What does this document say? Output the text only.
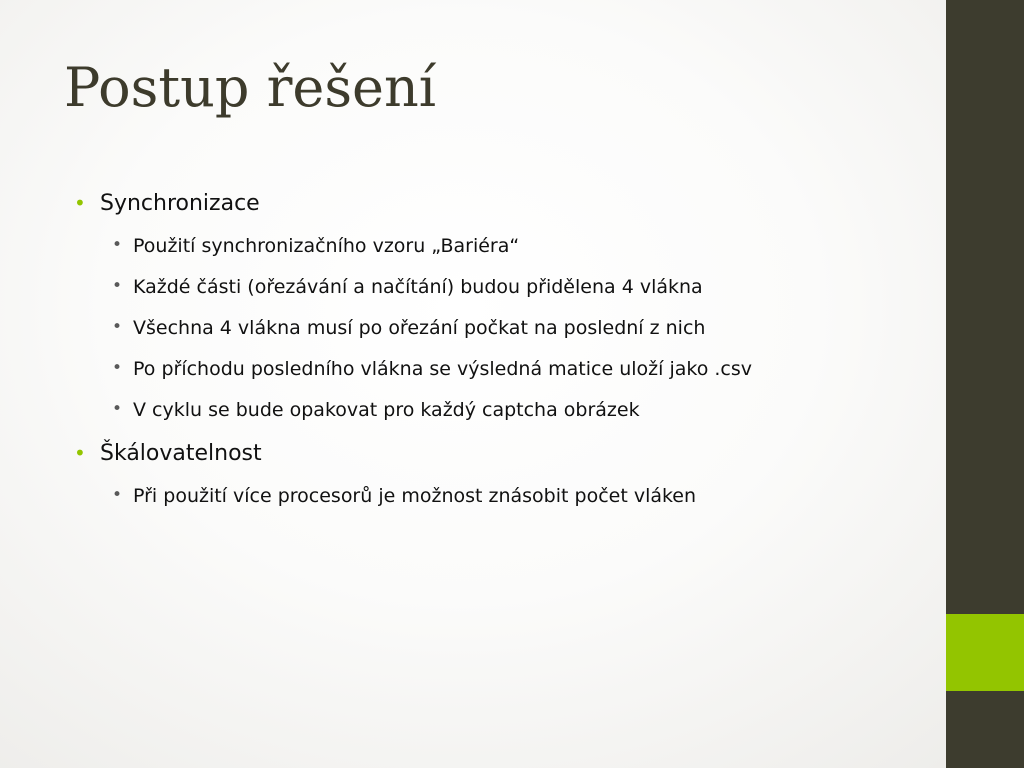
Postup řešení
• Synchronizace
• Použití synchronizačního vzoru „Bariéra“
• Každé části (ořezávání a načítání) budou přidělena 4 vlákna
• Všechna 4 vlákna musí po ořezání počkat na poslední z nich
• Po příchodu posledního vlákna se výsledná matice uloží jako .csv
• V cyklu se bude opakovat pro každý captcha obrázek
• Škálovatelnost
• Při použití více procesorů je možnost znásobit počet vláken
